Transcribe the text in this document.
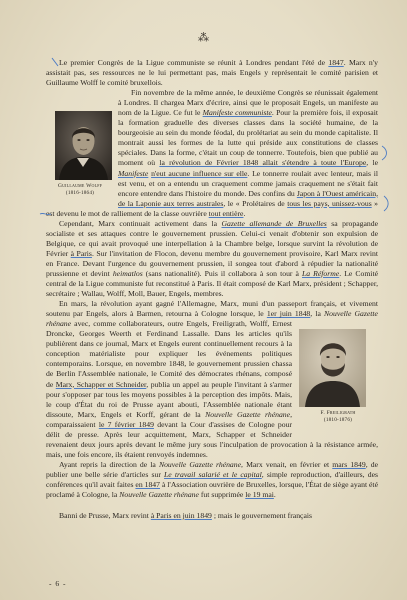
⁂

Le premier Congrès de la Ligue communiste se réunit à Londres pendant l'été de 1847. Marx n'y assistait pas, ses ressources ne le lui permettant pas, mais Engels y représentait le comité parisien et Guillaume Wolff le comité bruxellois.

Guillaume Wolff
(1816-1864)
Fin novembre de la même année, le deuxième Congrès se réunissait également à Londres. Il chargea Marx d'écrire, ainsi que le proposait Engels, un manifeste au nom de la Ligue. Ce fut le Manifeste communiste. Pour la première fois, il exposait la formation graduelle des diverses classes dans la société humaine, de la bourgeoisie au sein du monde féodal, du prolétariat au sein du monde capitaliste. Il montrait aussi les formes de la lutte qui préside aux constitutions de classes spéciales. Dans la forme, c'était un coup de tonnerre. Toutefois, bien que publié au moment où la révolution de Février 1848 allait s'étendre à toute l'Europe, le Manifeste n'eut aucune influence sur elle. Le tonnerre roulait avec lenteur, mais il est venu, et on a entendu un craquement comme jamais craquement ne s'était fait encore entendre dans l'histoire du monde. Des confins du Japon à l'Ouest américain, de la Laponie aux terres australes, le « Prolétaires de tous les pays, unissez-vous » est devenu le mot de ralliement de la classe ouvrière tout entière.

Cependant, Marx continuait activement dans la Gazette allemande de Bruxelles sa propagande socialiste et ses attaques contre le gouvernement prussien. Celui-ci venait d'obtenir son expulsion de Belgique, ce qui avait provoqué une interpellation à la Chambre belge, lorsque survint la révolution de Février à Paris. Sur l'invitation de Flocon, devenu membre du gouvernement provisoire, Karl Marx revint en France. Devant l'urgence du gouvernement prussien, il songea tout d'abord à répudier la nationalité prussienne et devint heimatlos (sans nationalité). Puis il collabora à son tour à La Réforme. Le Comité central de la Ligue communiste fut reconstitué à Paris. Il était composé de Karl Marx, président ; Schapper, secrétaire ; Wallau, Wolff, Moll, Bauer, Engels, membres.

F. Freiligrath
(1810-1876)
En mars, la révolution ayant gagné l'Allemagne, Marx, muni d'un passeport français, et vivement soutenu par Engels, alors à Barmen, retourna à Cologne lorsque, le 1er juin 1848, la Nouvelle Gazette rhénane avec, comme collaborateurs, outre Engels, Freiligrath, Wolff, Ernest Droncke, Georges Weerth et Ferdinand Lassalle. Dans les articles qu'ils publièrent dans ce journal, Marx et Engels eurent continuellement recours à la conception matérialiste pour expliquer les événements politiques contemporains. Lorsque, en novembre 1848, le gouvernement prussien chassa de Berlin l'Assemblée nationale, le Comité des démocrates rhénans, composé de Marx, Schapper et Schneider, publia un appel au peuple l'invitant à s'armer pour s'opposer par tous les moyens possibles à la perception des impôts. Mais, le coup d'État du roi de Prusse ayant abouti, l'Assemblée nationale étant dissoute, Marx, Engels et Korff, gérant de la Nouvelle Gazette rhénane, comparaissaient le 7 février 1849 devant la Cour d'assises de Cologne pour délit de presse. Après leur acquittement, Marx, Schapper et Schneider revenaient deux jours après devant le même jury sous l'inculpation de provocation à la résistance armée, mais, une fois encore, ils étaient renvoyés indemnes.

Ayant repris la direction de la Nouvelle Gazette rhénane, Marx venait, en février et mars 1849, de publier une belle série d'articles sur Le travail salarié et le capital, simple reproduction, d'ailleurs, des conférences qu'il avait faites en 1847 à l'Association ouvrière de Bruxelles, lorsque, l'État de siège ayant été proclamé à Cologne, la Nouvelle Gazette rhénane fut supprimée le 19 mai.

Banni de Prusse, Marx revint à Paris en juin 1849 ; mais le gouvernement français

- 6 -
